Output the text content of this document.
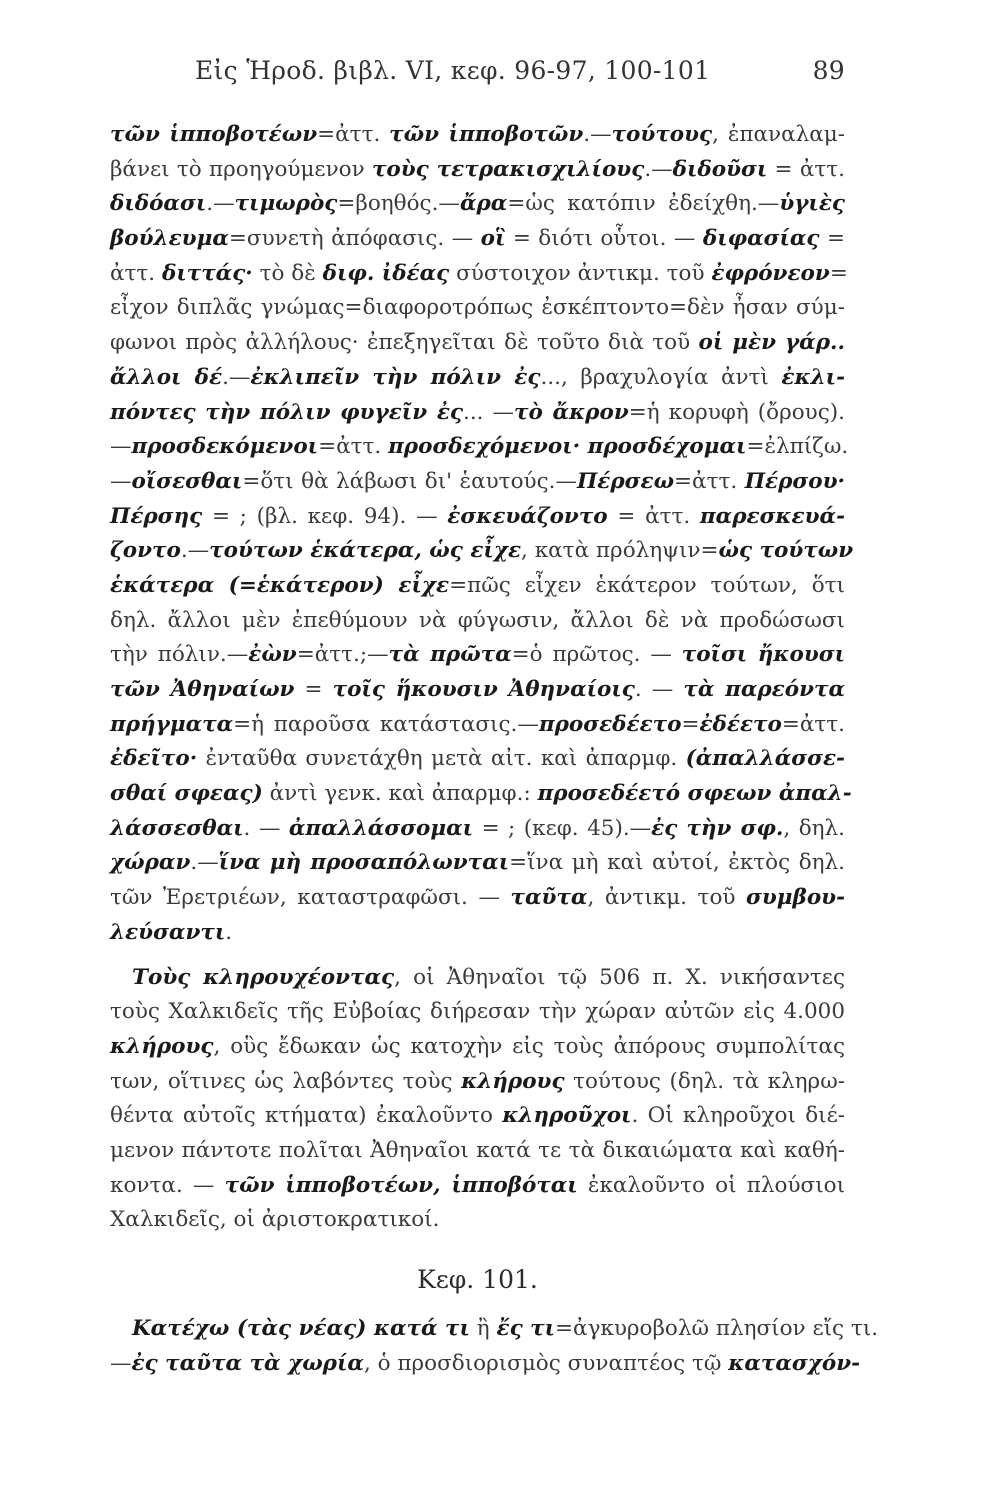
Εἰς Ἡροδ. βιβλ. VI, κεφ. 96-97, 100-101	89
τῶν ἱπποβοτέων=ἀττ. τῶν ἱπποβοτῶν.—τούτους, ἐπαναλαμ-
βάνει τὸ προηγούμενον τοὺς τετρακισχιλίους.—διδοῦσι = ἀττ.
διδόασι.—τιμωρὸς=βοηθός.—ἄρα=ὡς κατόπιν ἐδείχθη.—ὑγιὲς
βούλευμα=συνετὴ ἀπόφασις. — οἳ = διότι οὗτοι. — διφασίας =
ἀττ. διττάς· τὸ δὲ διφ. ἰδέας σύστοιχον ἀντικμ. τοῦ ἐφρόνεον=
εἶχον διπλᾶς γνώμας=διαφοροτρόπως ἐσκέπτοντο=δὲν ἦσαν σύμ-
φωνοι πρὸς ἀλλήλους· ἐπεξηγεῖται δὲ τοῦτο διὰ τοῦ οἱ μὲν γάρ..
ἄλλοι δέ.—ἐκλιπεῖν τὴν πόλιν ἐς..., βραχυλογία ἀντὶ ἐκλι-
πόντες τὴν πόλιν φυγεῖν ἐς... —τὸ ἄκρον=ἡ κορυφὴ (ὄρους).
—προσδεκόμενοι=ἀττ. προσδεχόμενοι· προσδέχομαι=ἐλπίζω.
—οἴσεσθαι=ὅτι θὰ λάβωσι δι' ἑαυτούς.—Πέρσεω=ἀττ. Πέρσου·
Πέρσης = ; (βλ. κεφ. 94). — ἐσκευάζοντο = ἀττ. παρεσκευά-
ζοντο.—τούτων ἑκάτερα, ὡς εἶχε, κατὰ πρόληψιν=ὡς τούτων
ἑκάτερα (=ἑκάτερον) εἶχε=πῶς εἶχεν ἑκάτερον τούτων, ὅτι
δηλ. ἄλλοι μὲν ἐπεθύμουν νὰ φύγωσιν, ἄλλοι δὲ νὰ προδώσωσι
τὴν πόλιν.—ἐὼν=ἀττ.;—τὰ πρῶτα=ὁ πρῶτος. — τοῖσι ἤκουσι
τῶν Ἀθηναίων = τοῖς ἥκουσιν Ἀθηναίοις. — τὰ παρεόντα
πρήγματα=ἡ παροῦσα κατάστασις.—προσεδέετο=ἐδέετο=ἀττ.
ἐδεῖτο· ἐνταῦθα συνετάχθη μετὰ αἰτ. καὶ ἀπαρμφ. (ἀπαλλάσσε-
σθαί σφεας) ἀντὶ γενκ. καὶ ἀπαρμφ.: προσεδέετό σφεων ἀπαλ-
λάσσεσθαι. — ἀπαλλάσσομαι = ; (κεφ. 45).—ἐς τὴν σφ., δηλ.
χώραν.—ἵνα μὴ προσαπόλωνται=ἵνα μὴ καὶ αὐτοί, ἐκτὸς δηλ.
τῶν Ἐρετριέων, καταστραφῶσι. — ταῦτα, ἀντικμ. τοῦ συμβου-
λεύσαντι.
Τοὺς κληρουχέοντας, οἱ Ἀθηναῖοι τῷ 506 π. Χ. νικήσαντες
τοὺς Χαλκιδεῖς τῆς Εὐβοίας διήρεσαν τὴν χώραν αὐτῶν εἰς 4.000
κλήρους, οὓς ἔδωκαν ὡς κατοχὴν εἰς τοὺς ἀπόρους συμπολίτας
των, οἵτινες ὡς λαβόντες τοὺς κλήρους τούτους (δηλ. τὰ κληρω-
θέντα αὐτοῖς κτήματα) ἐκαλοῦντο κληροῦχοι. Οἱ κληροῦχοι διέ-
μενον πάντοτε πολῖται Ἀθηναῖοι κατά τε τὰ δικαιώματα καὶ καθή-
κοντα. — τῶν ἱπποβοτέων, ἱπποβόται ἐκαλοῦντο οἱ πλούσιοι
Χαλκιδεῖς, οἱ ἀριστοκρατικοί.
Κεφ. 101.
Κατέχω (τὰς νέας) κατά τι ἢ ἔς τι=ἀγκυροβολῶ πλησίον εἴς τι.
—ἐς ταῦτα τὰ χωρία, ὁ προσδιορισμὸς συναπτέος τῷ κατασχόν-
